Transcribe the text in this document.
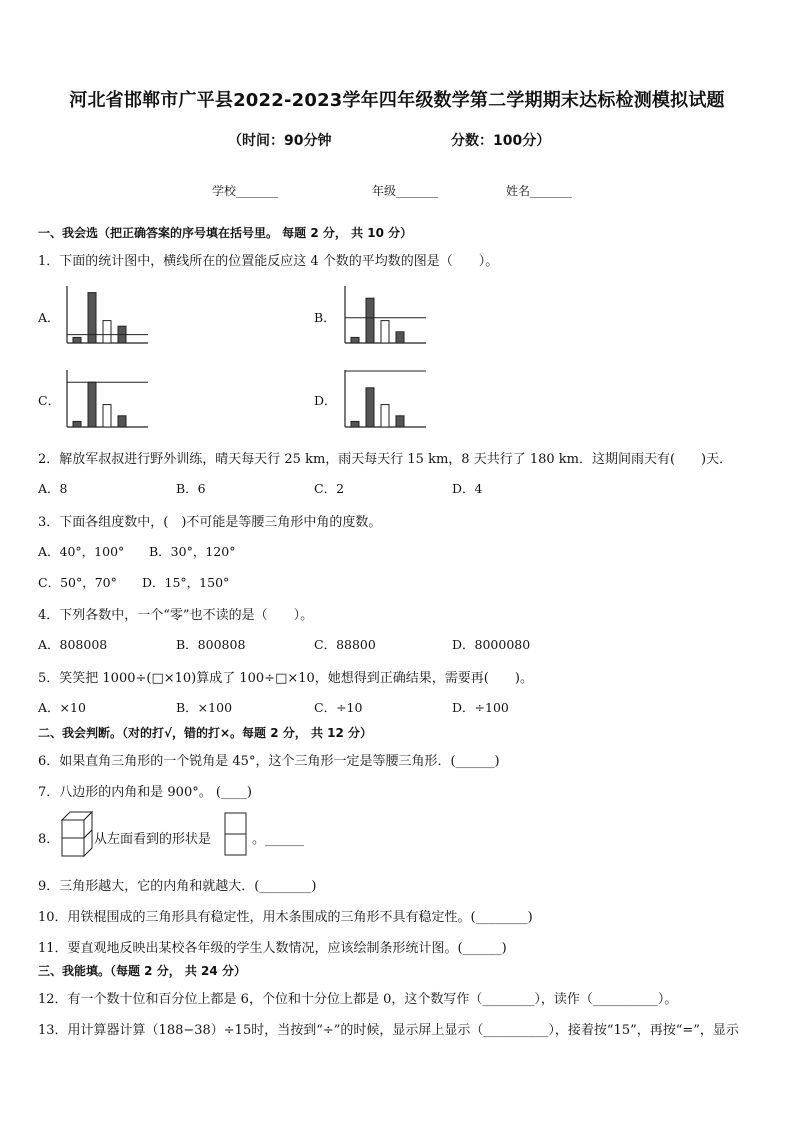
河北省邯郸市广平县2022-2023学年四年级数学第二学期期末达标检测模拟试题
（时间：90分钟	分数：100分）
学校_______	年级_______	姓名_______
一、我会选（把正确答案的序号填在括号里。 每题 2 分， 共 10 分）
1．下面的统计图中，横线所在的位置能反应这 4 个数的平均数的图是（　　）。
A．	B．
C．	D．
2．解放军叔叔进行野外训练，晴天每天行 25 km，雨天每天行 15 km，8 天共行了 180 km．这期间雨天有(　　)天．
A．8	B．6	C．2	D．4
3．下面各组度数中，(　)不可能是等腰三角形中角的度数。
A．40°，100° B．30°，120°
C．50°，70° D．15°，150°
4．下列各数中，一个“零”也不读的是（　　）。
A．808008	B．800808	C．88800	D．8000080
5．笑笑把 1000÷(□×10)算成了 100÷□×10，她想得到正确结果，需要再(　　)。
A．×10	B．×100	C．÷10	D．÷100
二、我会判断。（对的打√，错的打×。每题 2 分， 共 12 分）
6．如果直角三角形的一个锐角是 45°，这个三角形一定是等腰三角形．(______)
7．八边形的内角和是 900°。 (____)
8．	从左面看到的形状是	。______
9．三角形越大，它的内角和就越大．(________)
10．用铁棍围成的三角形具有稳定性，用木条围成的三角形不具有稳定性。(________)
11．要直观地反映出某校各年级的学生人数情况，应该绘制条形统计图。(______)
三、我能填。（每题 2 分， 共 24 分）
12．有一个数十位和百分位上都是 6，个位和十分位上都是 0，这个数写作（________），读作（__________）。
13．用计算器计算（188−38）÷15时，当按到“÷”的时候，显示屏上显示（__________），接着按“15”，再按“=”，显示
